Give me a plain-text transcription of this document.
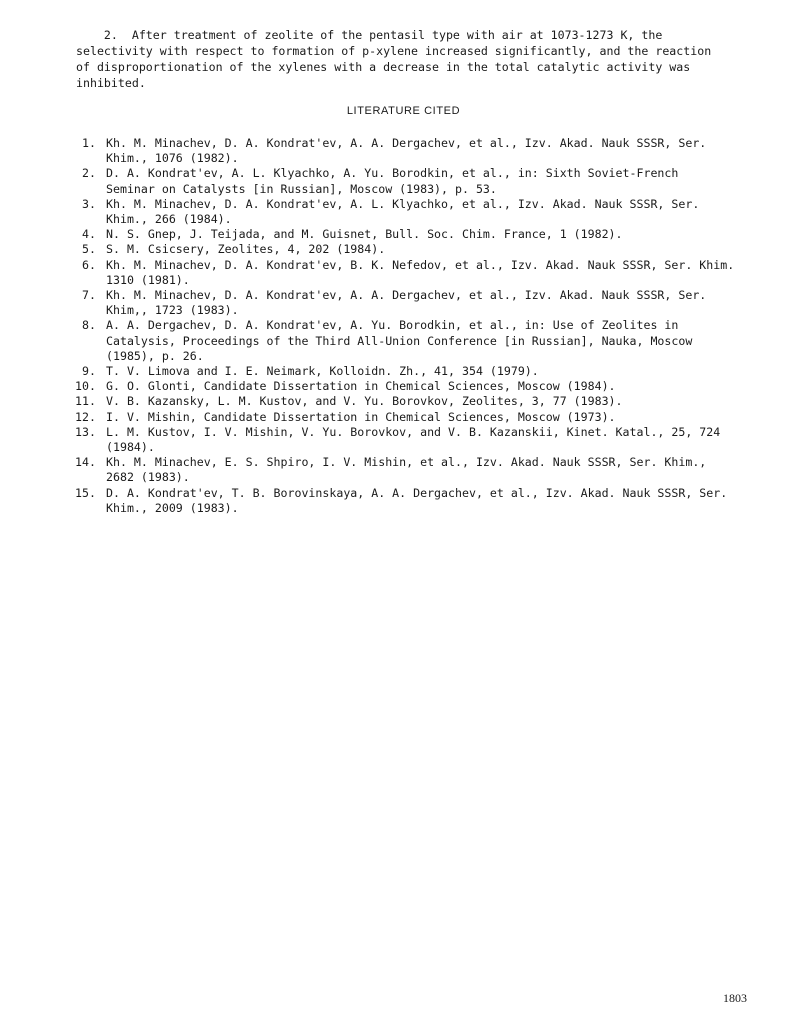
2.  After treatment of zeolite of the pentasil type with air at 1073-1273 K, the
selectivity with respect to formation of p-xylene increased significantly, and the reaction
of disproportionation of the xylenes with a decrease in the total catalytic activity was
inhibited.
LITERATURE CITED
1. Kh. M. Minachev, D. A. Kondrat'ev, A. A. Dergachev, et al., Izv. Akad. Nauk SSSR, Ser.
Khim., 1076 (1982).
2. D. A. Kondrat'ev, A. L. Klyachko, A. Yu. Borodkin, et al., in: Sixth Soviet-French
Seminar on Catalysts [in Russian], Moscow (1983), p. 53.
3. Kh. M. Minachev, D. A. Kondrat'ev, A. L. Klyachko, et al., Izv. Akad. Nauk SSSR, Ser.
Khim., 266 (1984).
4. N. S. Gnep, J. Teijada, and M. Guisnet, Bull. Soc. Chim. France, 1 (1982).
5. S. M. Csicsery, Zeolites, 4, 202 (1984).
6. Kh. M. Minachev, D. A. Kondrat'ev, B. K. Nefedov, et al., Izv. Akad. Nauk SSSR, Ser. Khim.
1310 (1981).
7. Kh. M. Minachev, D. A. Kondrat'ev, A. A. Dergachev, et al., Izv. Akad. Nauk SSSR, Ser.
Khim,, 1723 (1983).
8. A. A. Dergachev, D. A. Kondrat'ev, A. Yu. Borodkin, et al., in: Use of Zeolites in
Catalysis, Proceedings of the Third All-Union Conference [in Russian], Nauka, Moscow
(1985), p. 26.
9. T. V. Limova and I. E. Neimark, Kolloidn. Zh., 41, 354 (1979).
10. G. O. Glonti, Candidate Dissertation in Chemical Sciences, Moscow (1984).
11. V. B. Kazansky, L. M. Kustov, and V. Yu. Borovkov, Zeolites, 3, 77 (1983).
12. I. V. Mishin, Candidate Dissertation in Chemical Sciences, Moscow (1973).
13. L. M. Kustov, I. V. Mishin, V. Yu. Borovkov, and V. B. Kazanskii, Kinet. Katal., 25, 724
(1984).
14. Kh. M. Minachev, E. S. Shpiro, I. V. Mishin, et al., Izv. Akad. Nauk SSSR, Ser. Khim.,
2682 (1983).
15. D. A. Kondrat'ev, T. B. Borovinskaya, A. A. Dergachev, et al., Izv. Akad. Nauk SSSR, Ser.
Khim., 2009 (1983).
1803
